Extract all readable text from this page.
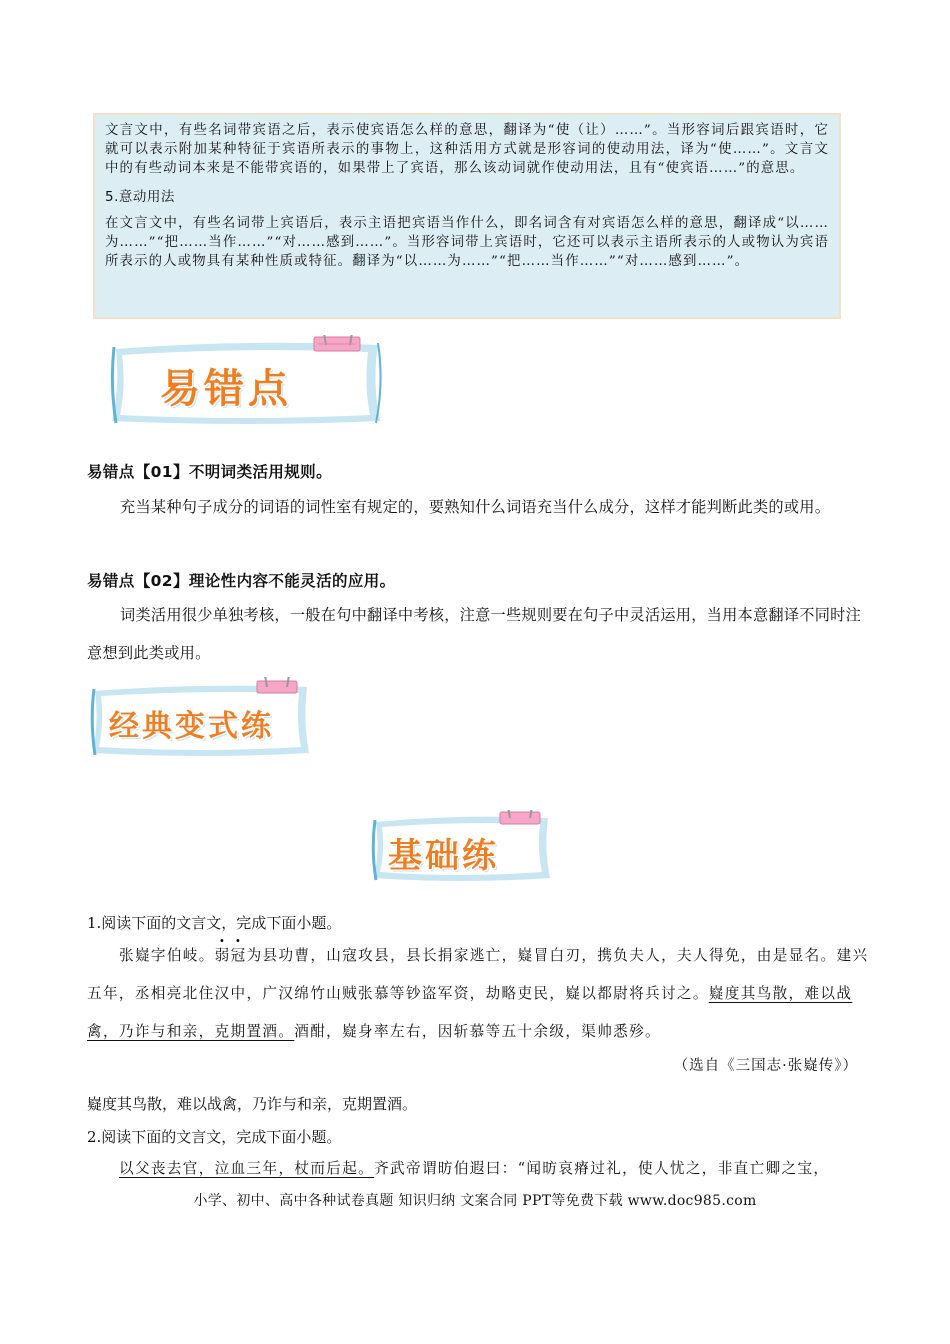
文言文中，有些名词带宾语之后，表示使宾语怎么样的意思，翻译为“使（让）……”。当形容词后跟宾语时，它就可以表示附加某种特征于宾语所表示的事物上，这种活用方式就是形容词的使动用法，译为“使……”。文言文中的有些动词本来是不能带宾语的，如果带上了宾语，那么该动词就作使动用法，且有“使宾语……”的意思。

5.意动用法

在文言文中，有些名词带上宾语后，表示主语把宾语当作什么，即名词含有对宾语怎么样的意思，翻译成“以……为……”“把……当作……”“对……感到……”。当形容词带上宾语时，它还可以表示主语所表示的人或物认为宾语所表示的人或物具有某种性质或特征。翻译为“以……为……”“把……当作……”“对……感到……”。

易错点
易错点【01】不明词类活用规则。
充当某种句子成分的词语的词性室有规定的，要熟知什么词语充当什么成分，这样才能判断此类的或用。
易错点【02】理论性内容不能灵活的应用。
词类活用很少单独考核，一般在句中翻译中考核，注意一些规则要在句子中灵活运用，当用本意翻译不同时注意想到此类或用。
经典变式练
基础练
1.阅读下面的文言文，完成下面小题。
张嶷字伯岐。弱冠为县功曹，山寇攻县，县长捐家逃亡，嶷冒白刃，携负夫人，夫人得免，由是显名。建兴五年，丞相亮北住汉中，广汉绵竹山贼张慕等钞盗军资，劫略吏民，嶷以都尉将兵讨之。嶷度其鸟散，难以战禽，乃诈与和亲，克期置酒。酒酣，嶷身率左右，因斩慕等五十余级，渠帅悉殄。
（选自《三国志·张嶷传》）
嶷度其鸟散，难以战禽，乃诈与和亲，克期置酒。
2.阅读下面的文言文，完成下面小题。
以父丧去官，泣血三年，杖而后起。齐武帝谓昉伯遐曰：“闻昉哀瘠过礼，使人忧之，非直亡卿之宝，
小学、初中、高中各种试卷真题 知识归纳 文案合同 PPT等免费下载 www.doc985.com
